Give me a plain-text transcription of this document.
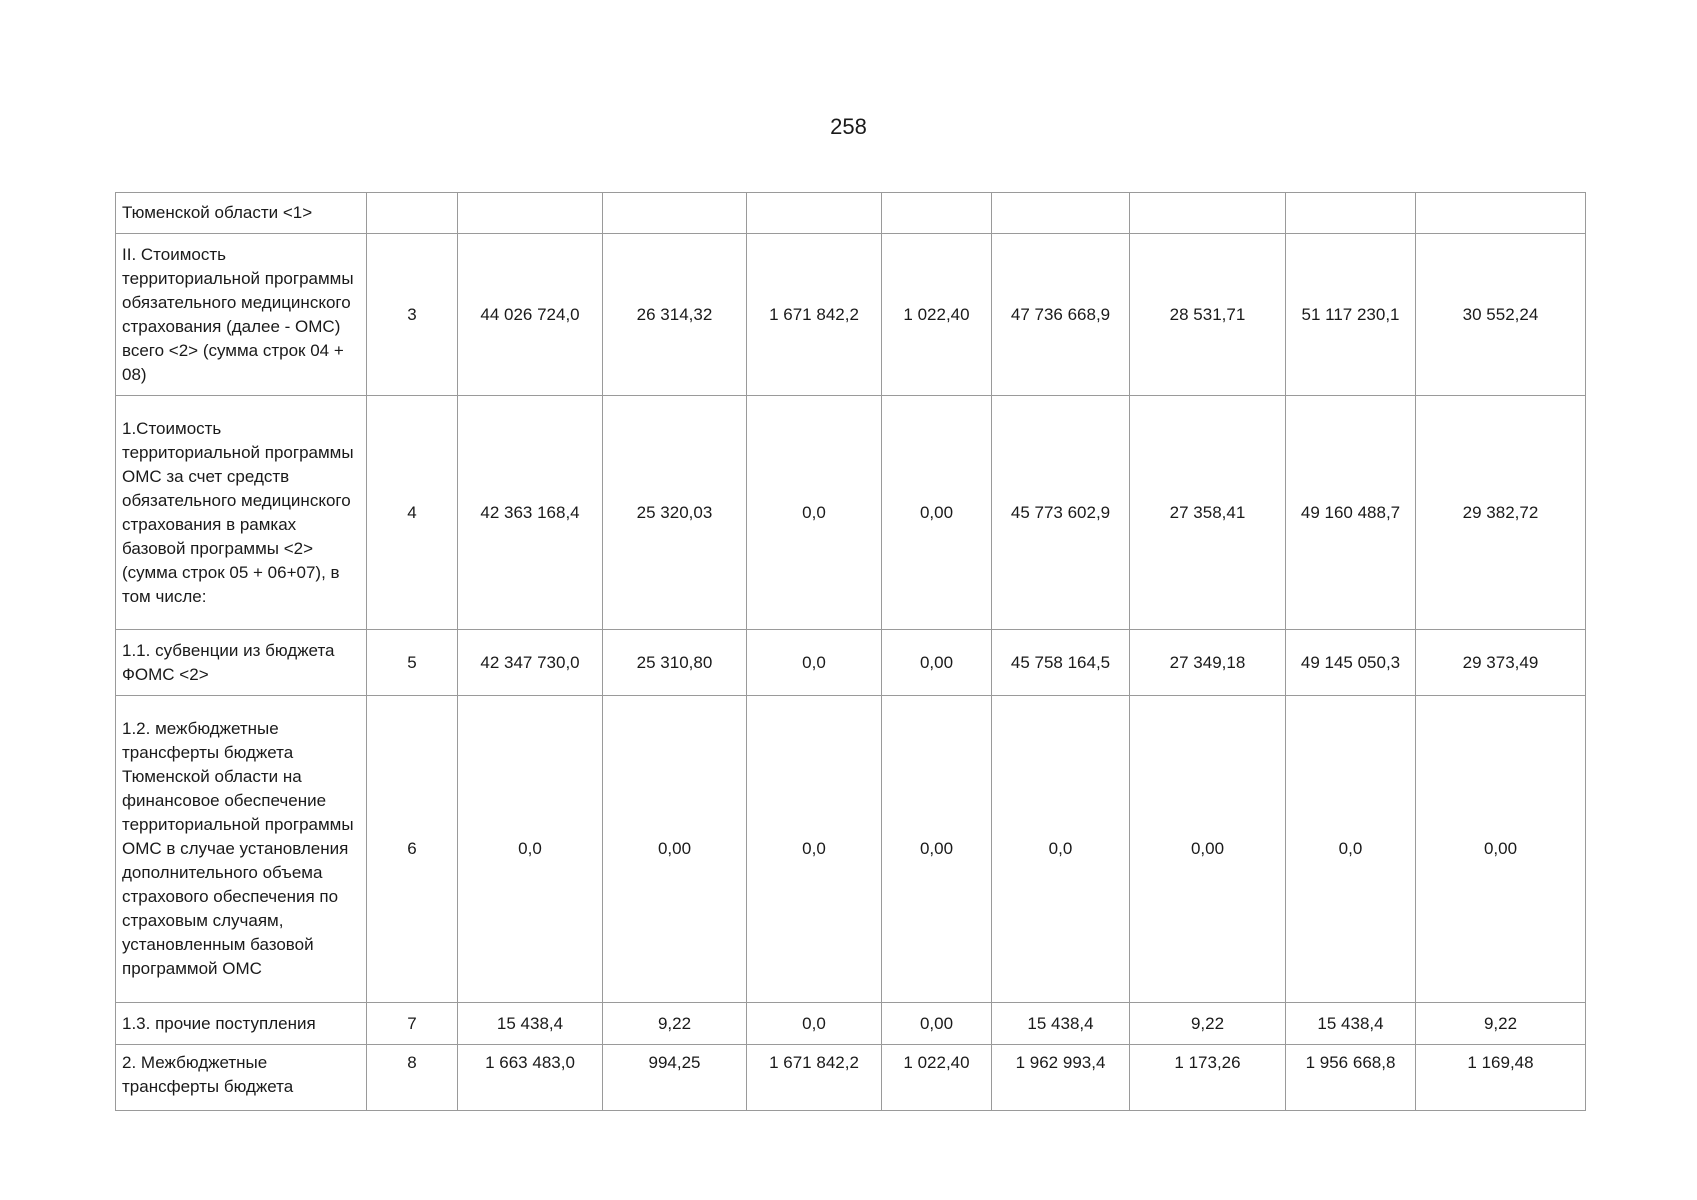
258
Тюменской области <1>									
II. Стоимость территориальной программы обязательного медицинского страхования (далее - ОМС) всего <2> (сумма строк 04 + 08)	3	44 026 724,0	26 314,32	1 671 842,2	1 022,40	47 736 668,9	28 531,71	51 117 230,1	30 552,24
1.Стоимость территориальной программы ОМС за счет средств обязательного медицинского страхования в рамках базовой программы <2> (сумма строк 05 + 06+07), в том числе:	4	42 363 168,4	25 320,03	0,0	0,00	45 773 602,9	27 358,41	49 160 488,7	29 382,72
1.1. субвенции из бюджета ФОМС <2>	5	42 347 730,0	25 310,80	0,0	0,00	45 758 164,5	27 349,18	49 145 050,3	29 373,49
1.2. межбюджетные трансферты бюджета Тюменской области на финансовое обеспечение территориальной программы ОМС в случае установления дополнительного объема страхового обеспечения по страховым случаям, установленным базовой программой ОМС	6	0,0	0,00	0,0	0,00	0,0	0,00	0,0	0,00
1.3. прочие поступления	7	15 438,4	9,22	0,0	0,00	15 438,4	9,22	15 438,4	9,22
2. Межбюджетные трансферты бюджета	8	1 663 483,0	994,25	1 671 842,2	1 022,40	1 962 993,4	1 173,26	1 956 668,8	1 169,48
